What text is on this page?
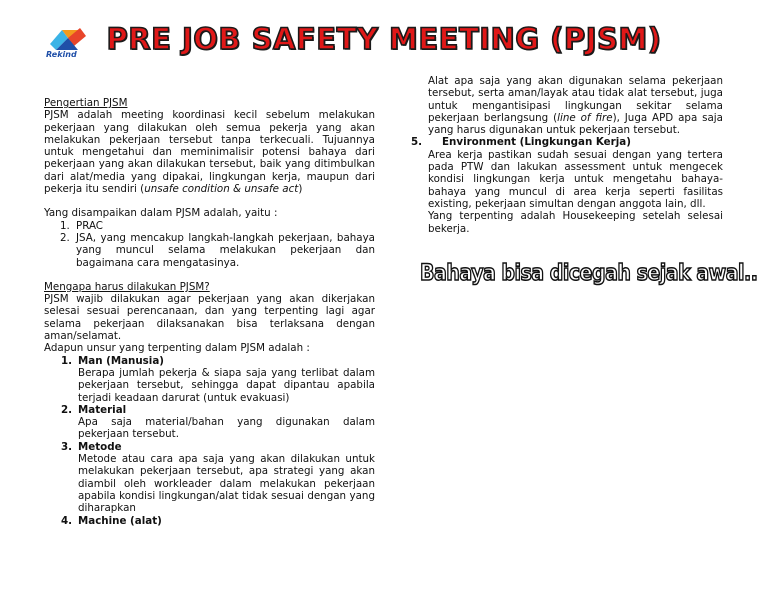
Rekind	PRE JOB SAFETY MEETING (PJSM)
Pengertian PJSM
PJSM adalah meeting koordinasi kecil sebelum melakukan pekerjaan yang dilakukan oleh semua pekerja yang akan melakukan pekerjaan tersebut tanpa terkecuali. Tujuannya untuk mengetahui dan meminimalisir potensi bahaya dari pekerjaan yang akan dilakukan tersebut, baik yang ditimbulkan dari alat/media yang dipakai, lingkungan kerja, maupun dari pekerja itu sendiri (unsafe condition & unsafe act)
Yang disampaikan dalam PJSM adalah, yaitu :
1. PRAC
2. JSA, yang mencakup langkah-langkah pekerjaan, bahaya yang muncul selama melakukan pekerjaan dan bagaimana cara mengatasinya.
Mengapa harus dilakukan PJSM?
PJSM wajib dilakukan agar pekerjaan yang akan dikerjakan selesai sesuai perencanaan, dan yang terpenting lagi agar selama pekerjaan dilaksanakan bisa terlaksana dengan aman/selamat.
Adapun unsur yang terpenting dalam PJSM adalah :
1. Man (Manusia)
Berapa jumlah pekerja & siapa saja yang terlibat dalam pekerjaan tersebut, sehingga dapat dipantau apabila terjadi keadaan darurat (untuk evakuasi)
2. Material
Apa saja material/bahan yang digunakan dalam pekerjaan tersebut.
3. Metode
Metode atau cara apa saja yang akan dilakukan untuk melakukan pekerjaan tersebut, apa strategi yang akan diambil oleh workleader dalam melakukan pekerjaan apabila kondisi lingkungan/alat tidak sesuai dengan yang diharapkan
4. Machine (alat)
Alat apa saja yang akan digunakan selama pekerjaan tersebut, serta aman/layak atau tidak alat tersebut, juga untuk mengantisipasi lingkungan sekitar selama pekerjaan berlangsung (line of fire), Juga APD apa saja yang harus digunakan untuk pekerjaan tersebut.
5. Environment (Lingkungan Kerja)
Area kerja pastikan sudah sesuai dengan yang tertera pada PTW dan lakukan assessment untuk mengecek kondisi lingkungan kerja untuk mengetahu bahaya-bahaya yang muncul di area kerja seperti fasilitas existing, pekerjaan simultan dengan anggota lain, dll.
Yang terpenting adalah Housekeeping setelah selesai bekerja.
Bahaya bisa dicegah sejak awal..
